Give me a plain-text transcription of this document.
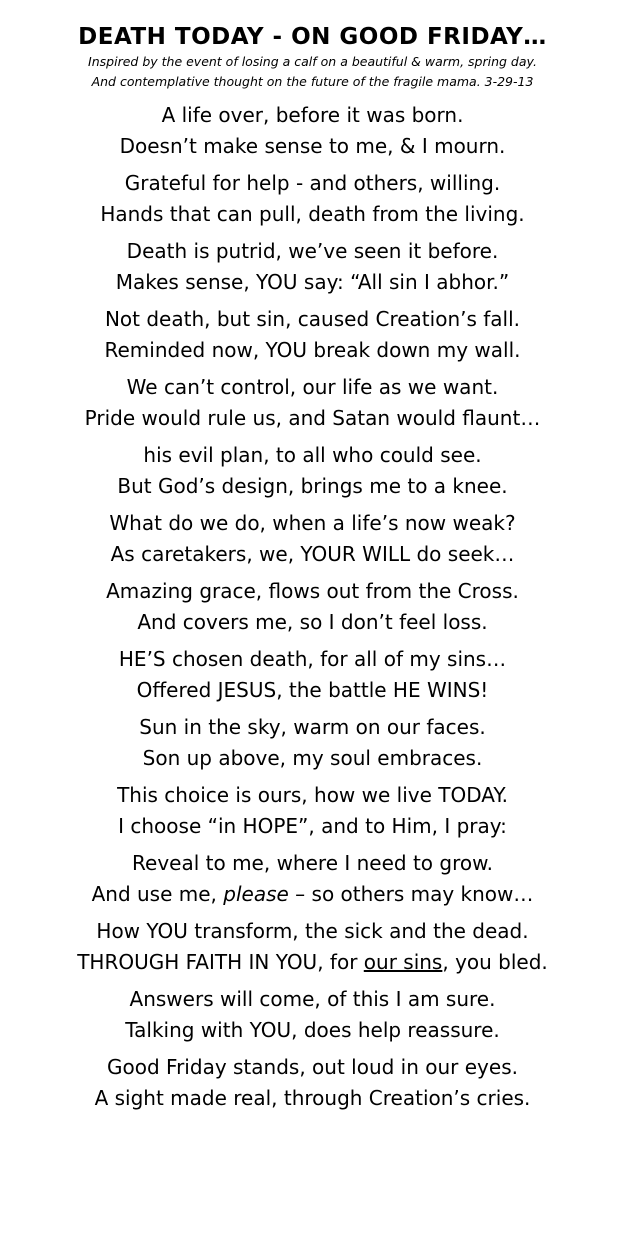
DEATH TODAY - ON GOOD FRIDAY…
Inspired by the event of losing a calf on a beautiful & warm, spring day.
And contemplative thought on the future of the fragile mama. 3-29-13
A life over, before it was born.
Doesn’t make sense to me, & I mourn.
Grateful for help - and others, willing.
Hands that can pull, death from the living.
Death is putrid, we’ve seen it before.
Makes sense, YOU say: “All sin I abhor.”
Not death, but sin, caused Creation’s fall.
Reminded now, YOU break down my wall.
We can’t control, our life as we want.
Pride would rule us, and Satan would flaunt…
his evil plan, to all who could see.
But God’s design, brings me to a knee.
What do we do, when a life’s now weak?
As caretakers, we, YOUR WILL do seek…
Amazing grace, flows out from the Cross.
And covers me, so I don’t feel loss.
HE’S chosen death, for all of my sins…
Offered JESUS, the battle HE WINS!
Sun in the sky, warm on our faces.
Son up above, my soul embraces.
This choice is ours, how we live TODAY.
I choose “in HOPE”, and to Him, I pray:
Reveal to me, where I need to grow.
And use me, please – so others may know…
How YOU transform, the sick and the dead.
THROUGH FAITH IN YOU, for our sins, you bled.
Answers will come, of this I am sure.
Talking with YOU, does help reassure.
Good Friday stands, out loud in our eyes.
A sight made real, through Creation’s cries.
